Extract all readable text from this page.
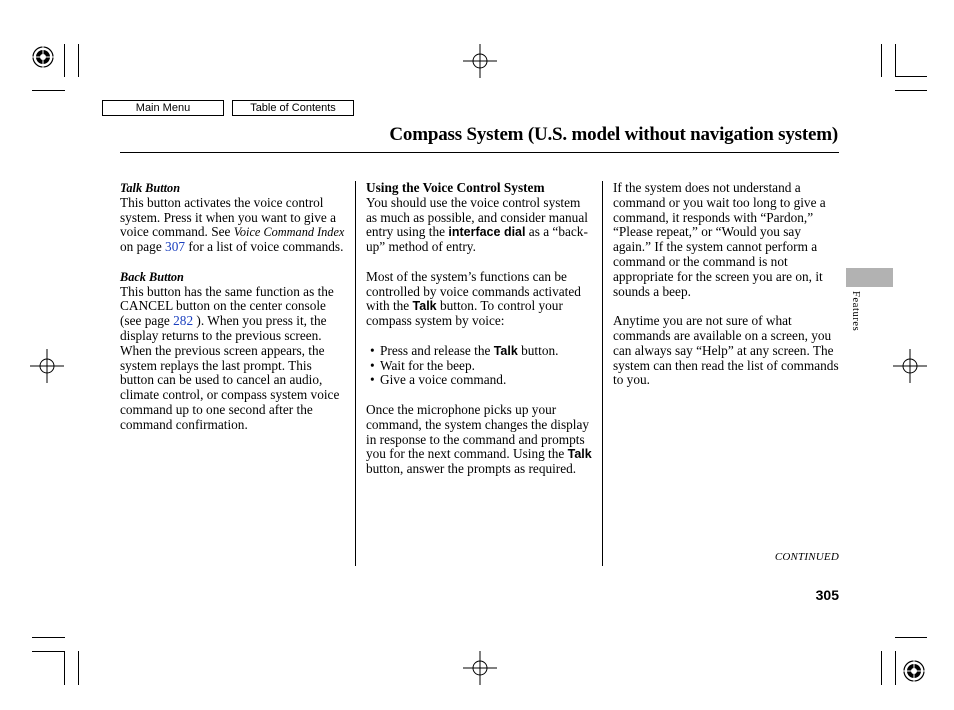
Main Menu	Table of Contents
Compass System (U.S. model without navigation system)
Talk Button

This button activates the voice control system. Press it when you want to give a voice command. See Voice Command Index on page 307 for a list of voice commands.

Back Button

This button has the same function as the CANCEL button on the center console (see page 282 ). When you press it, the display returns to the previous screen. When the previous screen appears, the system replays the last prompt. This button can be used to cancel an audio, climate control, or compass system voice command up to one second after the command confirmation.

Using the Voice Control System

You should use the voice control system as much as possible, and consider manual entry using the interface dial as a “back-up” method of entry.

Most of the system’s functions can be controlled by voice commands activated with the Talk button. To control your compass system by voice:

• Press and release the Talk button.
• Wait for the beep.
• Give a voice command.

Once the microphone picks up your command, the system changes the display in response to the command and prompts you for the next command. Using the Talk button, answer the prompts as required.

If the system does not understand a command or you wait too long to give a command, it responds with “Pardon,” “Please repeat,” or “Would you say again.” If the system cannot perform a command or the command is not appropriate for the screen you are on, it sounds a beep.

Anytime you are not sure of what commands are available on a screen, you can always say “Help” at any screen. The system can then read the list of commands to you.

Features
CONTINUED
305
